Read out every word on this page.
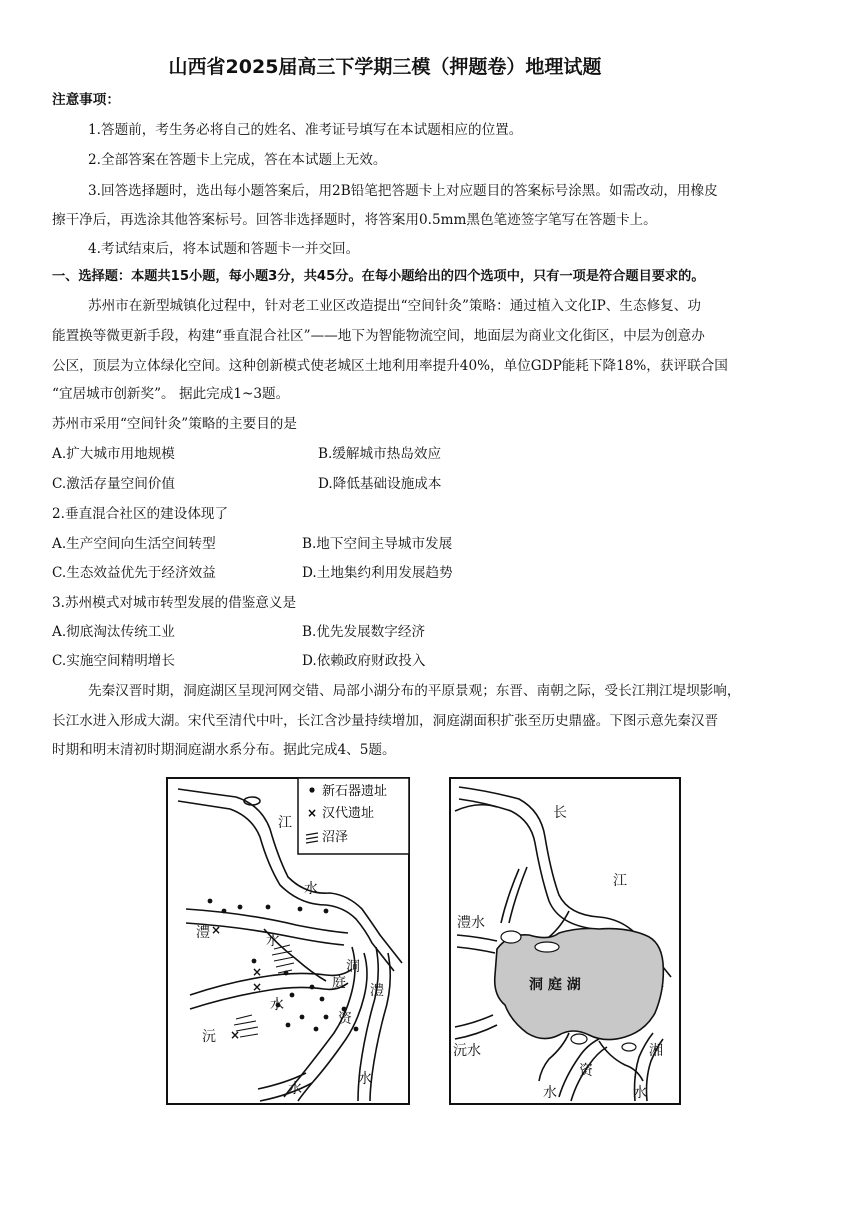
山西省2025届高三下学期三模（押题卷）地理试题
注意事项：
1.答题前，考生务必将自己的姓名、准考证号填写在本试题相应的位置。
2.全部答案在答题卡上完成，答在本试题上无效。
3.回答选择题时，选出每小题答案后，用2B铅笔把答题卡上对应题目的答案标号涂黑。如需改动，用橡皮
擦干净后，再选涂其他答案标号。回答非选择题时，将答案用0.5mm黑色笔迹签字笔写在答题卡上。
4.考试结束后，将本试题和答题卡一并交回。
一、选择题：本题共15小题，每小题3分，共45分。在每小题给出的四个选项中，只有一项是符合题目要求的。
苏州市在新型城镇化过程中，针对老工业区改造提出“空间针灸”策略：通过植入文化IP、生态修复、功
能置换等微更新手段，构建“垂直混合社区”——地下为智能物流空间，地面层为商业文化街区，中层为创意办
公区，顶层为立体绿化空间。这种创新模式使老城区土地利用率提升40%，单位GDP能耗下降18%，获评联合国
“宜居城市创新奖”。 据此完成1~3题。
苏州市采用“空间针灸”策略的主要目的是
A.扩大城市用地规模	B.缓解城市热岛效应
C.激活存量空间价值	D.降低基础设施成本
2.垂直混合社区的建设体现了
A.生产空间向生活空间转型	B.地下空间主导城市发展
C.生态效益优先于经济效益	D.土地集约利用发展趋势
3.苏州模式对城市转型发展的借鉴意义是
A.彻底淘汰传统工业	B.优先发展数字经济
C.实施空间精明增长	D.依赖政府财政投入
先秦汉晋时期，洞庭湖区呈现河网交错、局部小湖分布的平原景观；东晋、南朝之际，受长江荆江堤坝影响，
长江水进入形成大湖。宋代至清代中叶，长江含沙量持续增加，洞庭湖面积扩张至历史鼎盛。下图示意先秦汉晋
时期和明末清初时期洞庭湖水系分布。据此完成4、5题。
新石器遗址
× 汉代遗址
沼泽
×
×
×
×
江
水
澧	水
洞
庭 澧
水
沅
资
水
水
长
江
澧水
洞 庭 湖
沅水
资
湘
水	水
